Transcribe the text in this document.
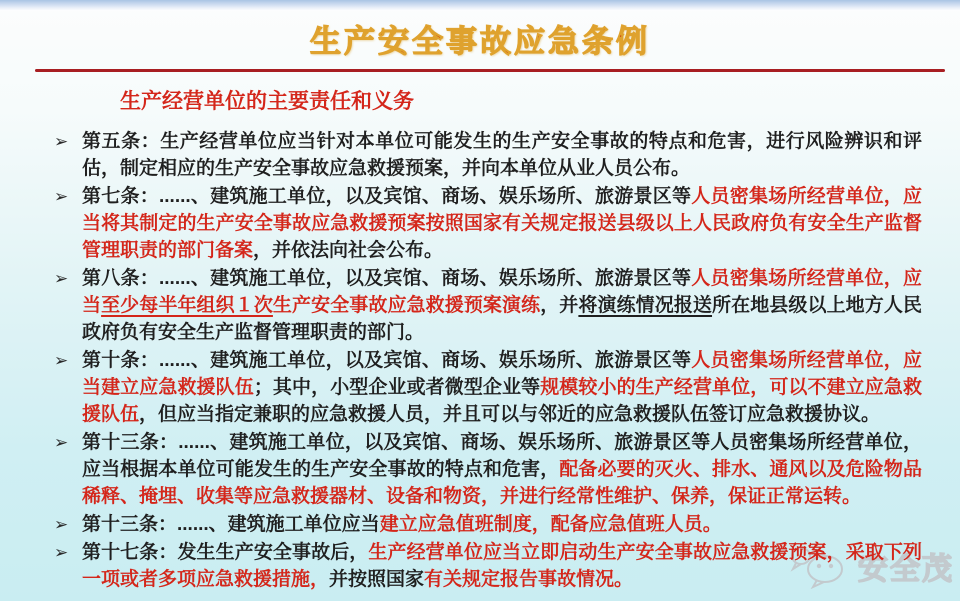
生产安全事故应急条例
生产经营单位的主要责任和义务
➢ 第五条：生产经营单位应当针对本单位可能发生的生产安全事故的特点和危害，进行风险辨识和评估，制定相应的生产安全事故应急救援预案，并向本单位从业人员公布。
➢ 第七条：......、建筑施工单位，以及宾馆、商场、娱乐场所、旅游景区等人员密集场所经营单位，应当将其制定的生产安全事故应急救援预案按照国家有关规定报送县级以上人民政府负有安全生产监督管理职责的部门备案，并依法向社会公布。
➢ 第八条：......、建筑施工单位，以及宾馆、商场、娱乐场所、旅游景区等人员密集场所经营单位，应当至少每半年组织１次生产安全事故应急救援预案演练，并将演练情况报送所在地县级以上地方人民政府负有安全生产监督管理职责的部门。
➢ 第十条：......、建筑施工单位，以及宾馆、商场、娱乐场所、旅游景区等人员密集场所经营单位，应当建立应急救援队伍；其中，小型企业或者微型企业等规模较小的生产经营单位，可以不建立应急救援队伍，但应当指定兼职的应急救援人员，并且可以与邻近的应急救援队伍签订应急救援协议。
➢ 第十三条：......、建筑施工单位，以及宾馆、商场、娱乐场所、旅游景区等人员密集场所经营单位，应当根据本单位可能发生的生产安全事故的特点和危害，配备必要的灭火、排水、通风以及危险物品稀释、掩埋、收集等应急救援器材、设备和物资，并进行经常性维护、保养，保证正常运转。
➢ 第十三条：......、建筑施工单位应当建立应急值班制度，配备应急值班人员。
➢ 第十七条：发生生产安全事故后，生产经营单位应当立即启动生产安全事故应急救援预案，采取下列一项或者多项应急救援措施，并按照国家有关规定报告事故情况。	安全茂
